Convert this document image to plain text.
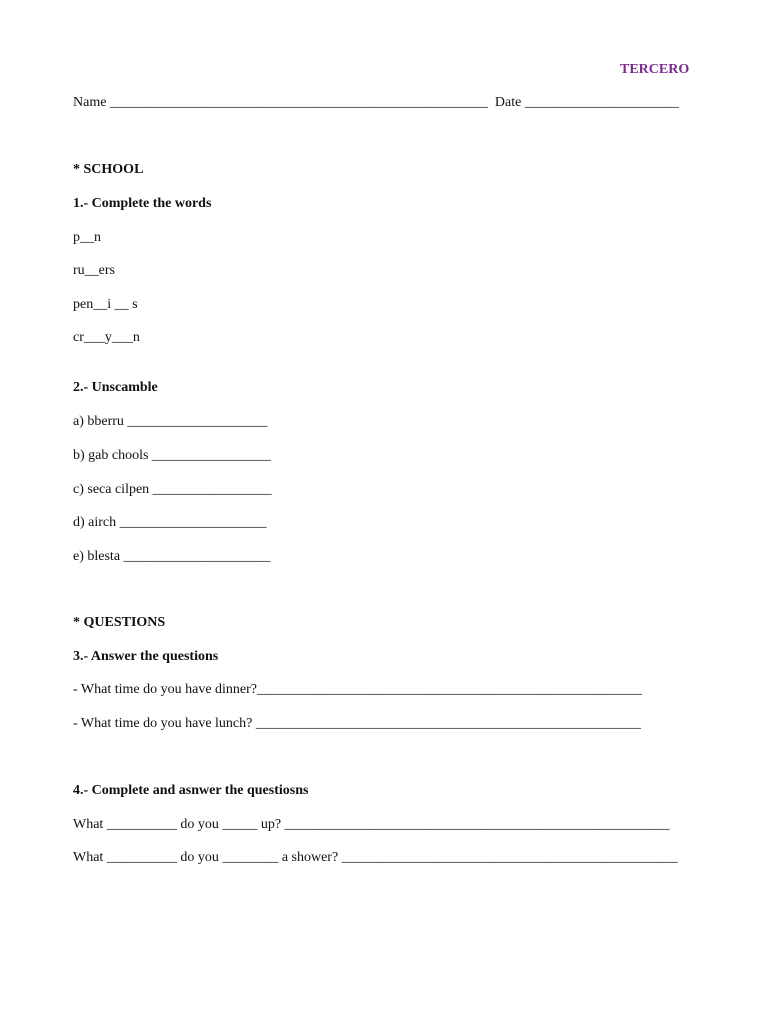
TERCERO
Name ______________________________________________________  Date ______________________
* SCHOOL
1.- Complete the words
p__n
ru__ers
pen__i __ s
cr___y___n
2.- Unscamble
a) bberru ____________________
b) gab chools _________________
c) seca cilpen _________________
d) airch _____________________
e) blesta _____________________
* QUESTIONS
3.- Answer the questions
- What time do you have dinner?_______________________________________________________
- What time do you have lunch? _______________________________________________________
4.- Complete and asnwer the questiosns
What __________ do you _____ up? _______________________________________________________
What __________ do you ________ a shower? ________________________________________________
